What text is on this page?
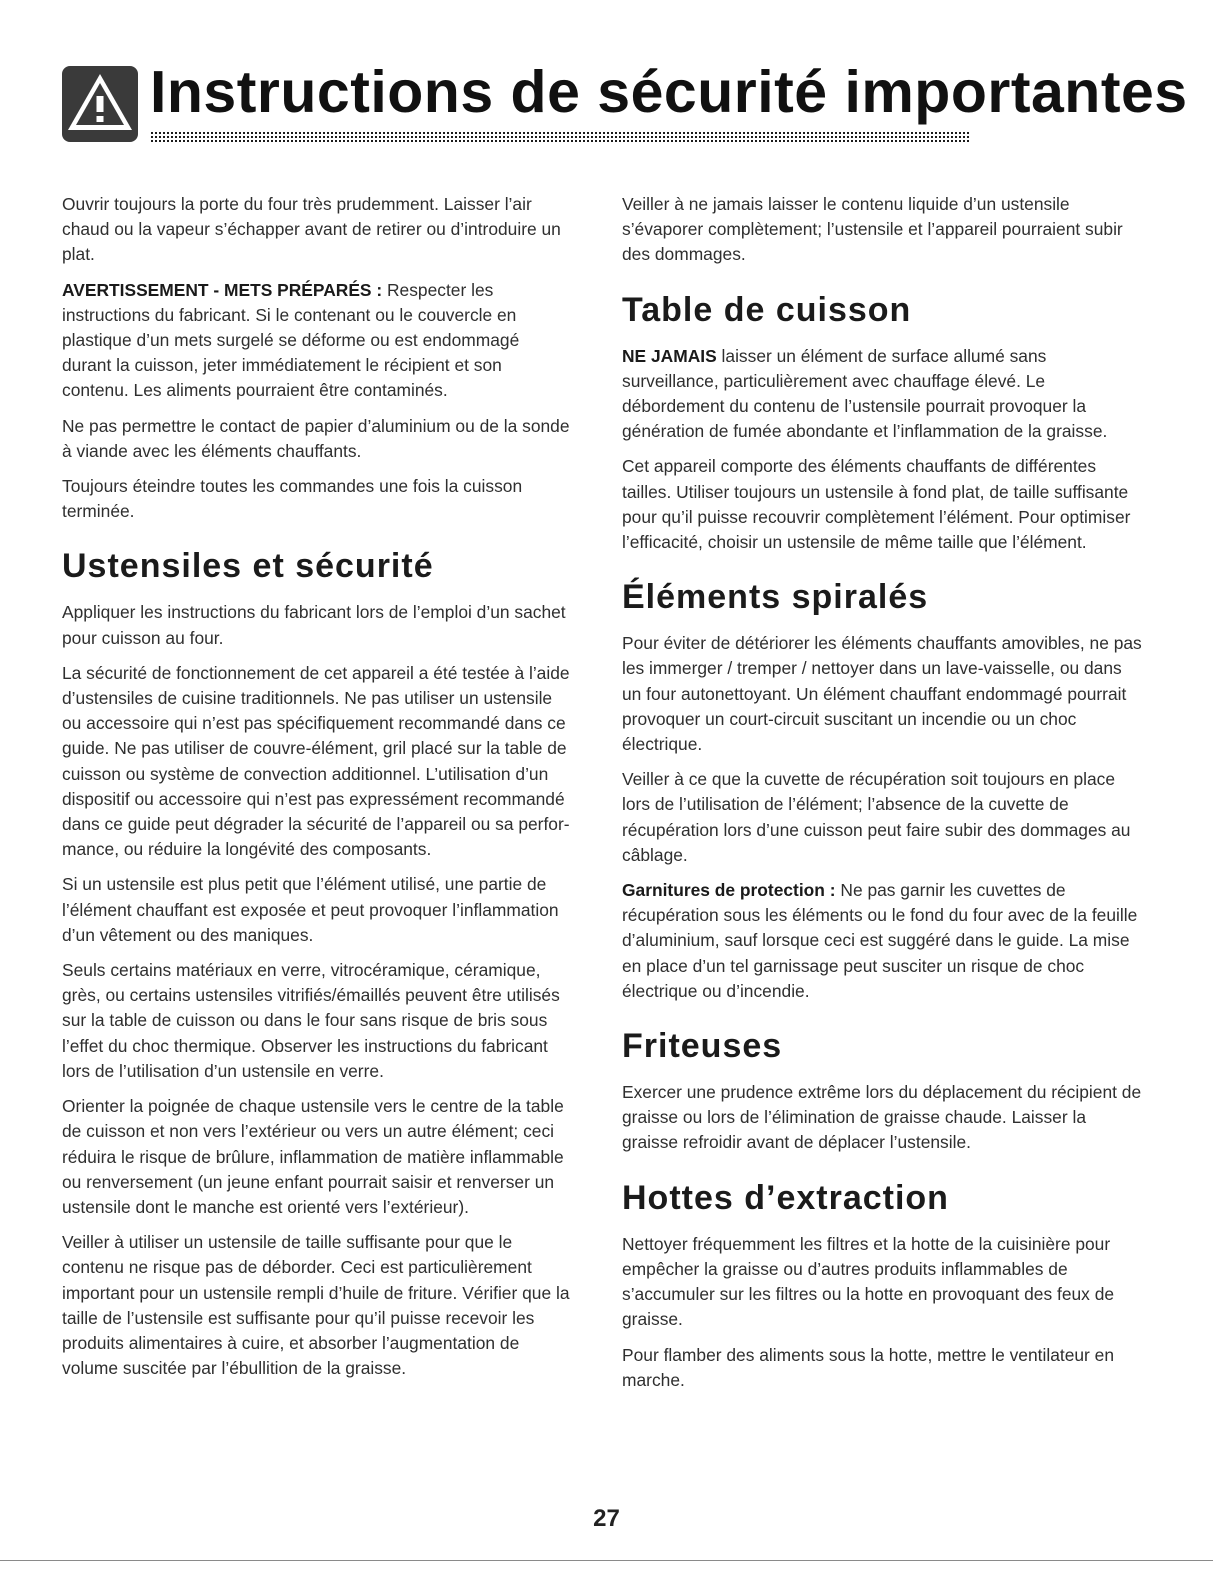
Instructions de sécurité importantes

Ouvrir toujours la porte du four très prudemment. Laisser l’air chaud ou la vapeur s’échapper avant de retirer ou d’introduire un plat.

AVERTISSEMENT - METS PRÉPARÉS : Respecter les instructions du fabricant. Si le contenant ou le couvercle en plastique d’un mets surgelé se déforme ou est endommagé durant la cuisson, jeter immédiatement le récipient et son contenu. Les aliments pourraient être contaminés.

Ne pas permettre le contact de papier d’aluminium ou de la sonde à viande avec les éléments chauffants.

Toujours éteindre toutes les commandes une fois la cuisson terminée.

Ustensiles et sécurité

Appliquer les instructions du fabricant lors de l’emploi d’un sachet pour cuisson au four.

La sécurité de fonctionnement de cet appareil a été testée à l’aide d’ustensiles de cuisine traditionnels. Ne pas utiliser un ustensile ou accessoire qui n’est pas spécifiquement recommandé dans ce guide. Ne pas utiliser de couvre-élément, gril placé sur la table de cuisson ou système de convection additionnel. L’utilisation d’un dispositif ou accessoire qui n’est pas expressément recommandé dans ce guide peut dégrader la sécurité de l’appareil ou sa perfor-mance, ou réduire la longévité des composants.

Si un ustensile est plus petit que l’élément utilisé, une partie de l’élément chauffant est exposée et peut provoquer l’inflammation d’un vêtement ou des maniques.

Seuls certains matériaux en verre, vitrocéramique, céramique, grès, ou certains ustensiles vitrifiés/émaillés peuvent être utilisés sur la table de cuisson ou dans le four sans risque de bris sous l’effet du choc thermique. Observer les instructions du fabricant lors de l’utilisation d’un ustensile en verre.

Orienter la poignée de chaque ustensile vers le centre de la table de cuisson et non vers l’extérieur ou vers un autre élément; ceci réduira le risque de brûlure, inflammation de matière inflammable ou renversement (un jeune enfant pourrait saisir et renverser un ustensile dont le manche est orienté vers l’extérieur).

Veiller à utiliser un ustensile de taille suffisante pour que le contenu ne risque pas de déborder. Ceci est particulièrement important pour un ustensile rempli d’huile de friture. Vérifier que la taille de l’ustensile est suffisante pour qu’il puisse recevoir les produits alimentaires à cuire, et absorber l’augmentation de volume suscitée par l’ébullition de la graisse.

Veiller à ne jamais laisser le contenu liquide d’un ustensile s’évaporer complètement; l’ustensile et l’appareil pourraient subir des dommages.

Table de cuisson

NE JAMAIS laisser un élément de surface allumé sans surveillance, particulièrement avec chauffage élevé. Le débordement du contenu de l’ustensile pourrait provoquer la génération de fumée abondante et l’inflammation de la graisse.

Cet appareil comporte des éléments chauffants de différentes tailles. Utiliser toujours un ustensile à fond plat, de taille suffisante pour qu’il puisse recouvrir complètement l’élément. Pour optimiser l’efficacité, choisir un ustensile de même taille que l’élément.

Éléments spiralés

Pour éviter de détériorer les éléments chauffants amovibles, ne pas les immerger / tremper / nettoyer dans un lave-vaisselle, ou dans un four autonettoyant. Un élément chauffant endommagé pourrait provoquer un court-circuit suscitant un incendie ou un choc électrique.

Veiller à ce que la cuvette de récupération soit toujours en place lors de l’utilisation de l’élément; l’absence de la cuvette de récupération lors d’une cuisson peut faire subir des dommages au câblage.

Garnitures de protection : Ne pas garnir les cuvettes de récupération sous les éléments ou le fond du four avec de la feuille d’aluminium, sauf lorsque ceci est suggéré dans le guide. La mise en place d’un tel garnissage peut susciter un risque de choc électrique ou d’incendie.

Friteuses

Exercer une prudence extrême lors du déplacement du récipient de graisse ou lors de l’élimination de graisse chaude. Laisser la graisse refroidir avant de déplacer l’ustensile.

Hottes d’extraction

Nettoyer fréquemment les filtres et la hotte de la cuisinière pour empêcher la graisse ou d’autres produits inflammables de s’accumuler sur les filtres ou la hotte en provoquant des feux de graisse.

Pour flamber des aliments sous la hotte, mettre le ventilateur en marche.

27
